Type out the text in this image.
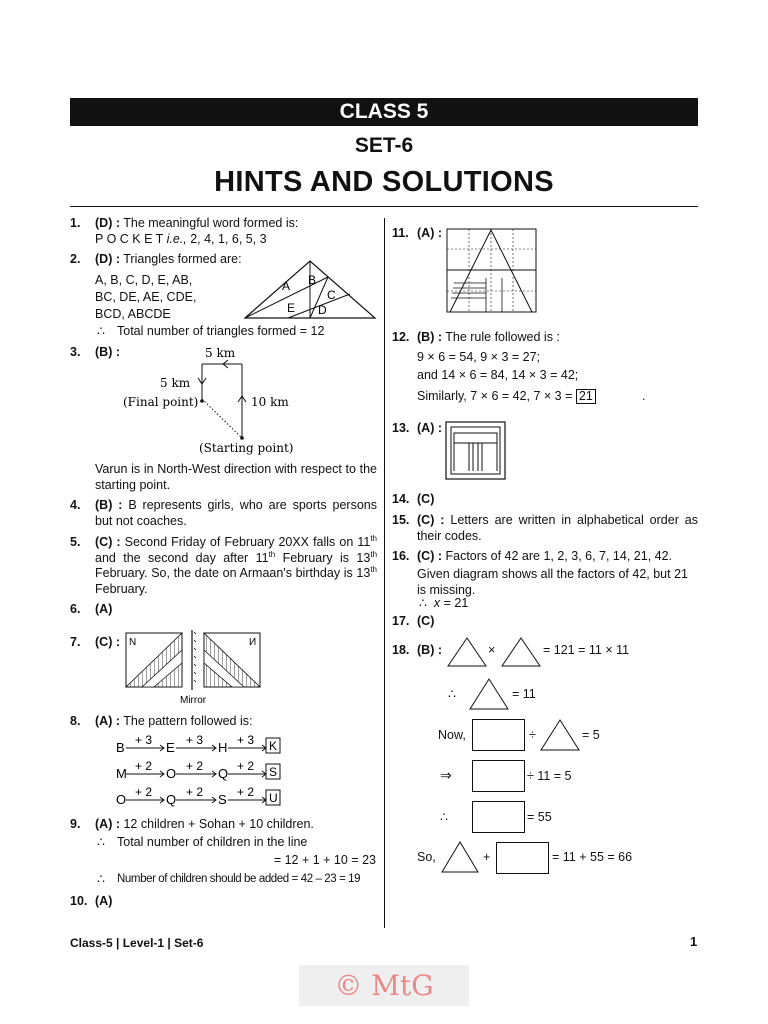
CLASS 5
SET-6
HINTS AND SOLUTIONS
1. (D) : The meaningful word formed is:
P O C K E T i.e., 2, 4, 1, 6, 5, 3
2. (D) : Triangles formed are:
A, B, C, D, E, AB,
BC, DE, AE, CDE,
BCD, ABCDE
A B
C
E D
∴ Total number of triangles formed = 12
3. (B) :	5 km
5 km
10 km
(Final point)
(Starting point)
Varun is in North-West direction with respect to the starting point.
4. (B) : B represents girls, who are sports persons but not coaches.
5. (C) : Second Friday of February 20XX falls on 11th and the second day after 11th February is 13th February. So, the date on Armaan's birthday is 13th February.
6. (A)
7. (C) : N	И
Mirror
8. (A) : The pattern followed is:
B	E	H
+ 3	+ 3	+ 3 K
M	O	Q
+ 2	+ 2	+ 2 S
O	Q	S
+ 2	+ 2	+ 2 U
9. (A) : 12 children + Sohan + 10 children.
∴ Total number of children in the line
= 12 + 1 + 10 = 23
∴ Number of children should be added = 42 – 23 = 19
10. (A)
11. (A) :
12. (B) : The rule followed is :
9 × 6 = 54, 9 × 3 = 27;
and 14 × 6 = 84, 14 × 3 = 42;
Similarly, 7 × 6 = 42, 7 × 3 = 21	.
13. (A) :
14. (C)
15. (C) : Letters are written in alphabetical order as their codes.
16. (C) : Factors of 42 are 1, 2, 3, 6, 7, 14, 21, 42.
Given diagram shows all the factors of 42, but 21 is missing.
∴ x = 21
17. (C)
18. (B) :	×	= 121 = 11 × 11
∴	= 11
Now,	÷	= 5
⇒	÷ 11 = 5
∴	= 55
So,	+	= 11 + 55 = 66
Class-5 | Level-1 | Set-6	1
© MtG
